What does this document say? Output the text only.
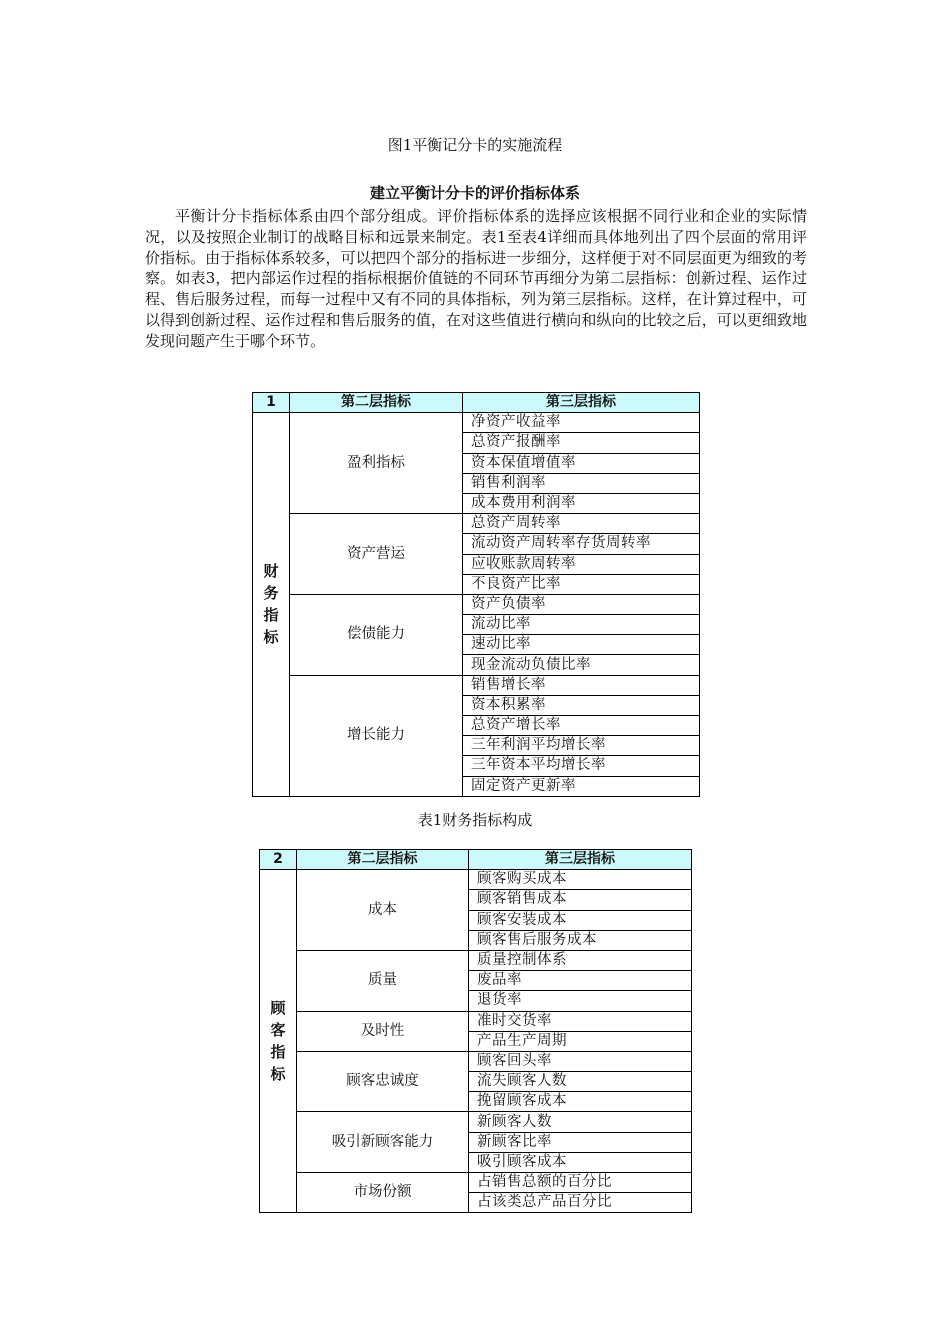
图1平衡记分卡的实施流程
建立平衡计分卡的评价指标体系

平衡计分卡指标体系由四个部分组成。评价指标体系的选择应该根据不同行业和企业的实际情况，以及按照企业制订的战略目标和远景来制定。表1至表4详细而具体地列出了四个层面的常用评价指标。由于指标体系较多，可以把四个部分的指标进一步细分，这样便于对不同层面更为细致的考察。如表3，把内部运作过程的指标根据价值链的不同环节再细分为第二层指标：创新过程、运作过程、售后服务过程，而每一过程中又有不同的具体指标，列为第三层指标。这样，在计算过程中，可以得到创新过程、运作过程和售后服务的值，在对这些值进行横向和纵向的比较之后，可以更细致地发现问题产生于哪个环节。

1	第二层指标	第三层指标
财
务
指
标	盈利指标	净资产收益率
		总资产报酬率
		资本保值增值率
		销售利润率
		成本费用利润率
	资产营运	总资产周转率
		流动资产周转率存货周转率
		应收账款周转率
		不良资产比率
	偿债能力	资产负债率
		流动比率
		速动比率
		现金流动负债比率
	增长能力	销售增长率
		资本积累率
		总资产增长率
		三年利润平均增长率
		三年资本平均增长率
		固定资产更新率
表1财务指标构成
2	第二层指标	第三层指标
顾
客
指
标	成本	顾客购买成本
		顾客销售成本
		顾客安装成本
		顾客售后服务成本
	质量	质量控制体系
		废品率
		退货率
	及时性	准时交货率
		产品生产周期
	顾客忠诚度	顾客回头率
		流失顾客人数
		挽留顾客成本
	吸引新顾客能力	新顾客人数
		新顾客比率
		吸引顾客成本
	市场份额	占销售总额的百分比
		占该类总产品百分比
